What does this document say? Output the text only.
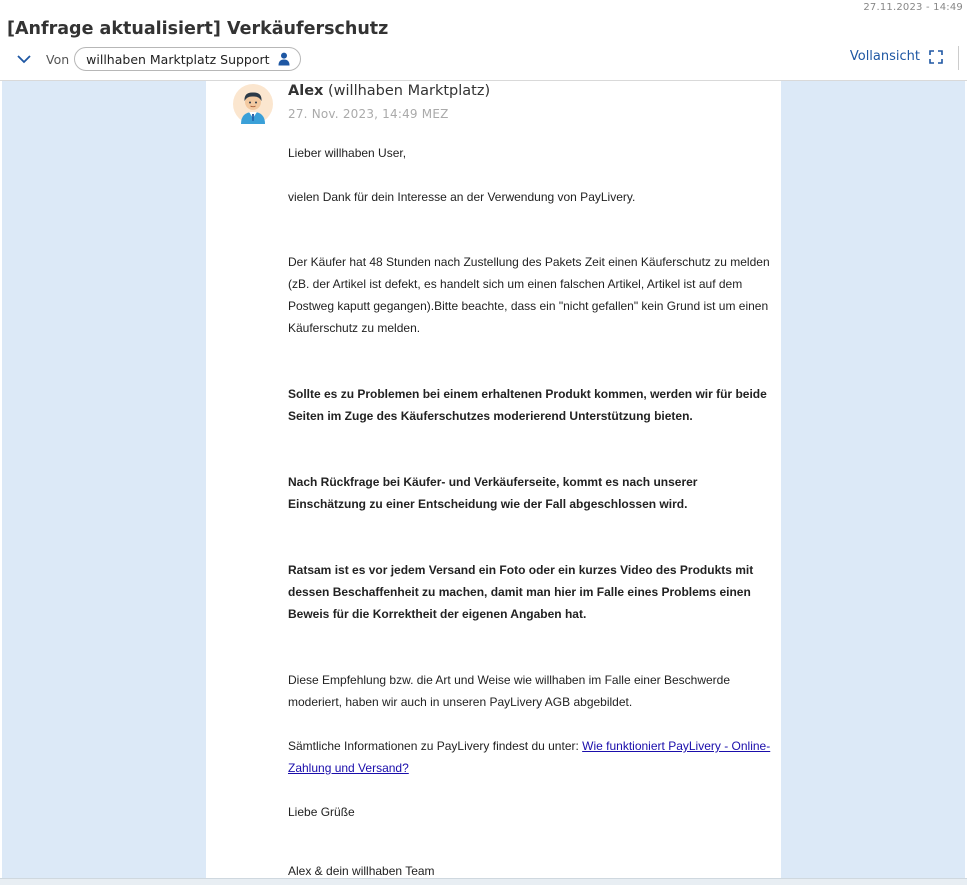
27.11.2023 - 14:49
[Anfrage aktualisiert] Verkäuferschutz
Von willhaben Marktplatz Support	Vollansicht
Alex (willhaben Marktplatz)
27. Nov. 2023, 14:49 MEZ
Lieber willhaben User,
vielen Dank für dein Interesse an der Verwendung von PayLivery.
Der Käufer hat 48 Stunden nach Zustellung des Pakets Zeit einen Käuferschutz zu melden (zB. der Artikel ist defekt, es handelt sich um einen falschen Artikel, Artikel ist auf dem Postweg kaputt gegangen).Bitte beachte, dass ein "nicht gefallen" kein Grund ist um einen Käuferschutz zu melden.
Sollte es zu Problemen bei einem erhaltenen Produkt kommen, werden wir für beide Seiten im Zuge des Käuferschutzes moderierend Unterstützung bieten.
Nach Rückfrage bei Käufer- und Verkäuferseite, kommt es nach unserer Einschätzung zu einer Entscheidung wie der Fall abgeschlossen wird.
Ratsam ist es vor jedem Versand ein Foto oder ein kurzes Video des Produkts mit dessen Beschaffenheit zu machen, damit man hier im Falle eines Problems einen Beweis für die Korrektheit der eigenen Angaben hat.
Diese Empfehlung bzw. die Art und Weise wie willhaben im Falle einer Beschwerde moderiert, haben wir auch in unseren PayLivery AGB abgebildet.
Sämtliche Informationen zu PayLivery findest du unter: Wie funktioniert PayLivery - Online-Zahlung und Versand?
Liebe Grüße
Alex & dein willhaben Team
